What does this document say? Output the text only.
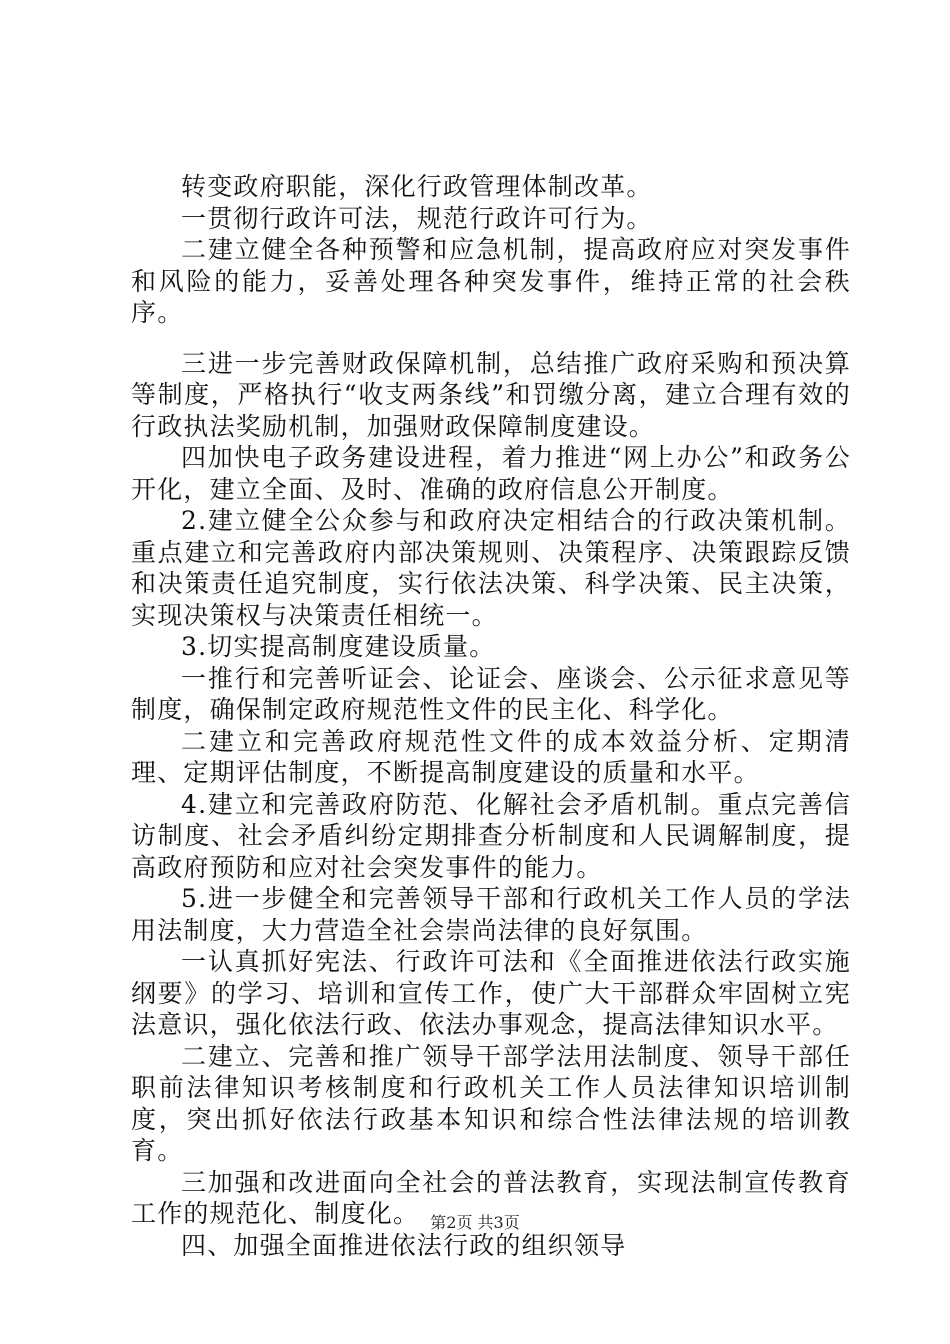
转变政府职能，深化行政管理体制改革。

一贯彻行政许可法，规范行政许可行为。

二建立健全各种预警和应急机制，提高政府应对突发事件和风险的能力，妥善处理各种突发事件，维持正常的社会秩序。

三进一步完善财政保障机制，总结推广政府采购和预决算等制度，严格执行“收支两条线”和罚缴分离，建立合理有效的行政执法奖励机制，加强财政保障制度建设。

四加快电子政务建设进程，着力推进“网上办公”和政务公开化，建立全面、及时、准确的政府信息公开制度。

2.建立健全公众参与和政府决定相结合的行政决策机制。重点建立和完善政府内部决策规则、决策程序、决策跟踪反馈和决策责任追究制度，实行依法决策、科学决策、民主决策，实现决策权与决策责任相统一。

3.切实提高制度建设质量。

一推行和完善听证会、论证会、座谈会、公示征求意见等制度，确保制定政府规范性文件的民主化、科学化。

二建立和完善政府规范性文件的成本效益分析、定期清理、定期评估制度，不断提高制度建设的质量和水平。

4.建立和完善政府防范、化解社会矛盾机制。重点完善信访制度、社会矛盾纠纷定期排查分析制度和人民调解制度，提高政府预防和应对社会突发事件的能力。

5.进一步健全和完善领导干部和行政机关工作人员的学法用法制度，大力营造全社会崇尚法律的良好氛围。

一认真抓好宪法、行政许可法和《全面推进依法行政实施纲要》的学习、培训和宣传工作，使广大干部群众牢固树立宪法意识，强化依法行政、依法办事观念，提高法律知识水平。

二建立、完善和推广领导干部学法用法制度、领导干部任职前法律知识考核制度和行政机关工作人员法律知识培训制度，突出抓好依法行政基本知识和综合性法律法规的培训教育。

三加强和改进面向全社会的普法教育，实现法制宣传教育工作的规范化、制度化。

四、加强全面推进依法行政的组织领导

第2页 共3页
